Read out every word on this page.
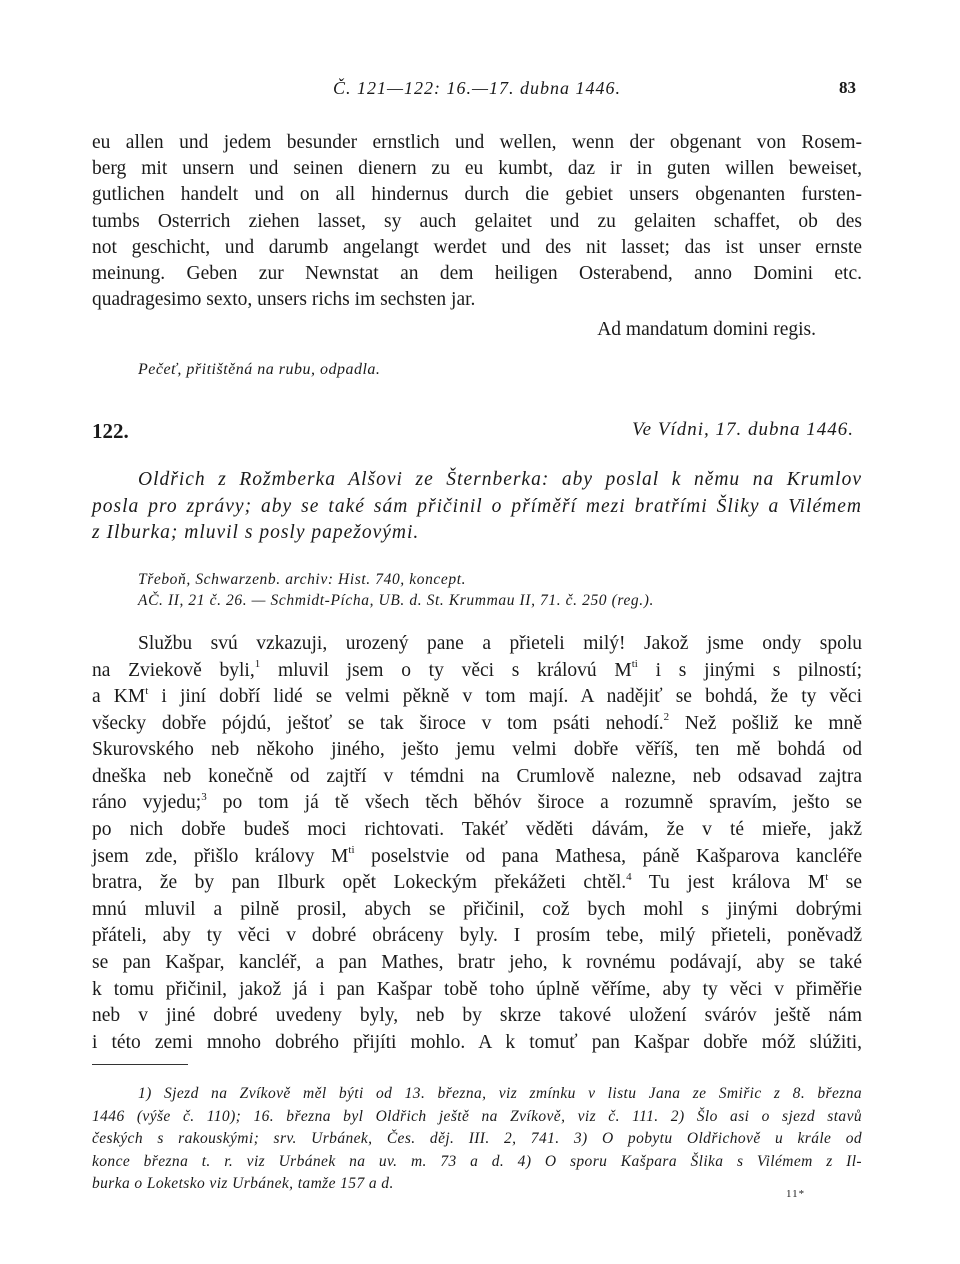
Č. 121—122: 16.—17. dubna 1446.	83
eu allen und jedem besunder ernstlich und wellen, wenn der obgenant von Rosem-
berg mit unsern und seinen dienern zu eu kumbt, daz ir in guten willen beweiset,
gutlichen handelt und on all hindernus durch die gebiet unsers obgenanten fursten-
tumbs Osterrich ziehen lasset, sy auch gelaitet und zu gelaiten schaffet, ob des
not geschicht, und darumb angelangt werdet und des nit lasset; das ist unser ernste
meinung. Geben zur Newnstat an dem heiligen Osterabend, anno Domini etc.
quadragesimo sexto, unsers richs im sechsten jar.
Ad mandatum domini regis.
Pečeť, přitištěná na rubu, odpadla.
122.	Ve Vídni, 17. dubna 1446.
Oldřich z Rožmberka Alšovi ze Šternberka: aby poslal k němu na Krumlov
posla pro zprávy; aby se také sám přičinil o příměří mezi bratřími Šliky a Vilémem
z Ilburka; mluvil s posly papežovými.
Třeboň, Schwarzenb. archiv: Hist. 740, koncept.
AČ. II, 21 č. 26. — Schmidt-Pícha, UB. d. St. Krummau II, 71. č. 250 (reg.).
Službu svú vzkazuji, urozený pane a přieteli milý! Jakož jsme ondy spolu
na Zviekově byli,$^1$ mluvil jsem o ty věci s královú $M^{ti}$ i s jinými s pilností;
a $KM^t$ i jiní dobří lidé se velmi pěkně v tom mají. A nadějiť se bohdá, že ty věci
všecky dobře pójdú, ještoť se tak široce v tom psáti nehodí.$^2$ Než pošliž ke mně
Skurovského neb někoho jiného, ješto jemu velmi dobře věříš, ten mě bohdá od
dneška neb konečně od zajtří v témdni na Crumlově nalezne, neb odsavad zajtra
ráno vyjedu;$^3$ po tom já tě všech těch běhóv široce a rozumně spravím, ješto se
po nich dobře budeš moci richtovati. Takéť věděti dávám, že v té mieře, jakž
jsem zde, přišlo královy $M^{ti}$ poselstvie od pana Mathesa, páně Kašparova kancléře
bratra, že by pan Ilburk opět Lokeckým překážeti chtěl.$^4$ Tu jest královа $M^t$ se
mnú mluvil a pilně prosil, abych se přičinil, což bych mohl s jinými dobrými
přáteli, aby ty věci v dobré obráceny byly. I prosím tebe, milý přieteli, poněvadž
se pan Kašpar, kancléř, a pan Mathes, bratr jeho, k rovnému podávají, aby se také
k tomu přičinil, jakož já i pan Kašpar tobě toho úplně věříme, aby ty věci v přiměřie
neb v jiné dobré uvedeny byly, neb by skrze takové uložení svárόv ještě nám
i této zemi mnoho dobrého přijíti mohlo. A k tomuť pan Kašpar dobře móž slúžiti,
1) Sjezd na Zvíkově měl býti od 13. března, viz zmínku v listu Jana ze Smiřic z 8. března
1446 (výše č. 110); 16. března byl Oldřich ještě na Zvíkově, viz č. 111. 2) Šlo asi o sjezd stavů
českých s rakouskými; srv. Urbánek, Čes. děj. III. 2, 741. 3) O pobytu Oldřichově u krále od
konce března t. r. viz Urbánek na uv. m. 73 a d. 4) O sporu Kašpara Šlika s Vilémem z Il-
burka o Loketsko viz Urbánek, tamže 157 a d.
11*
